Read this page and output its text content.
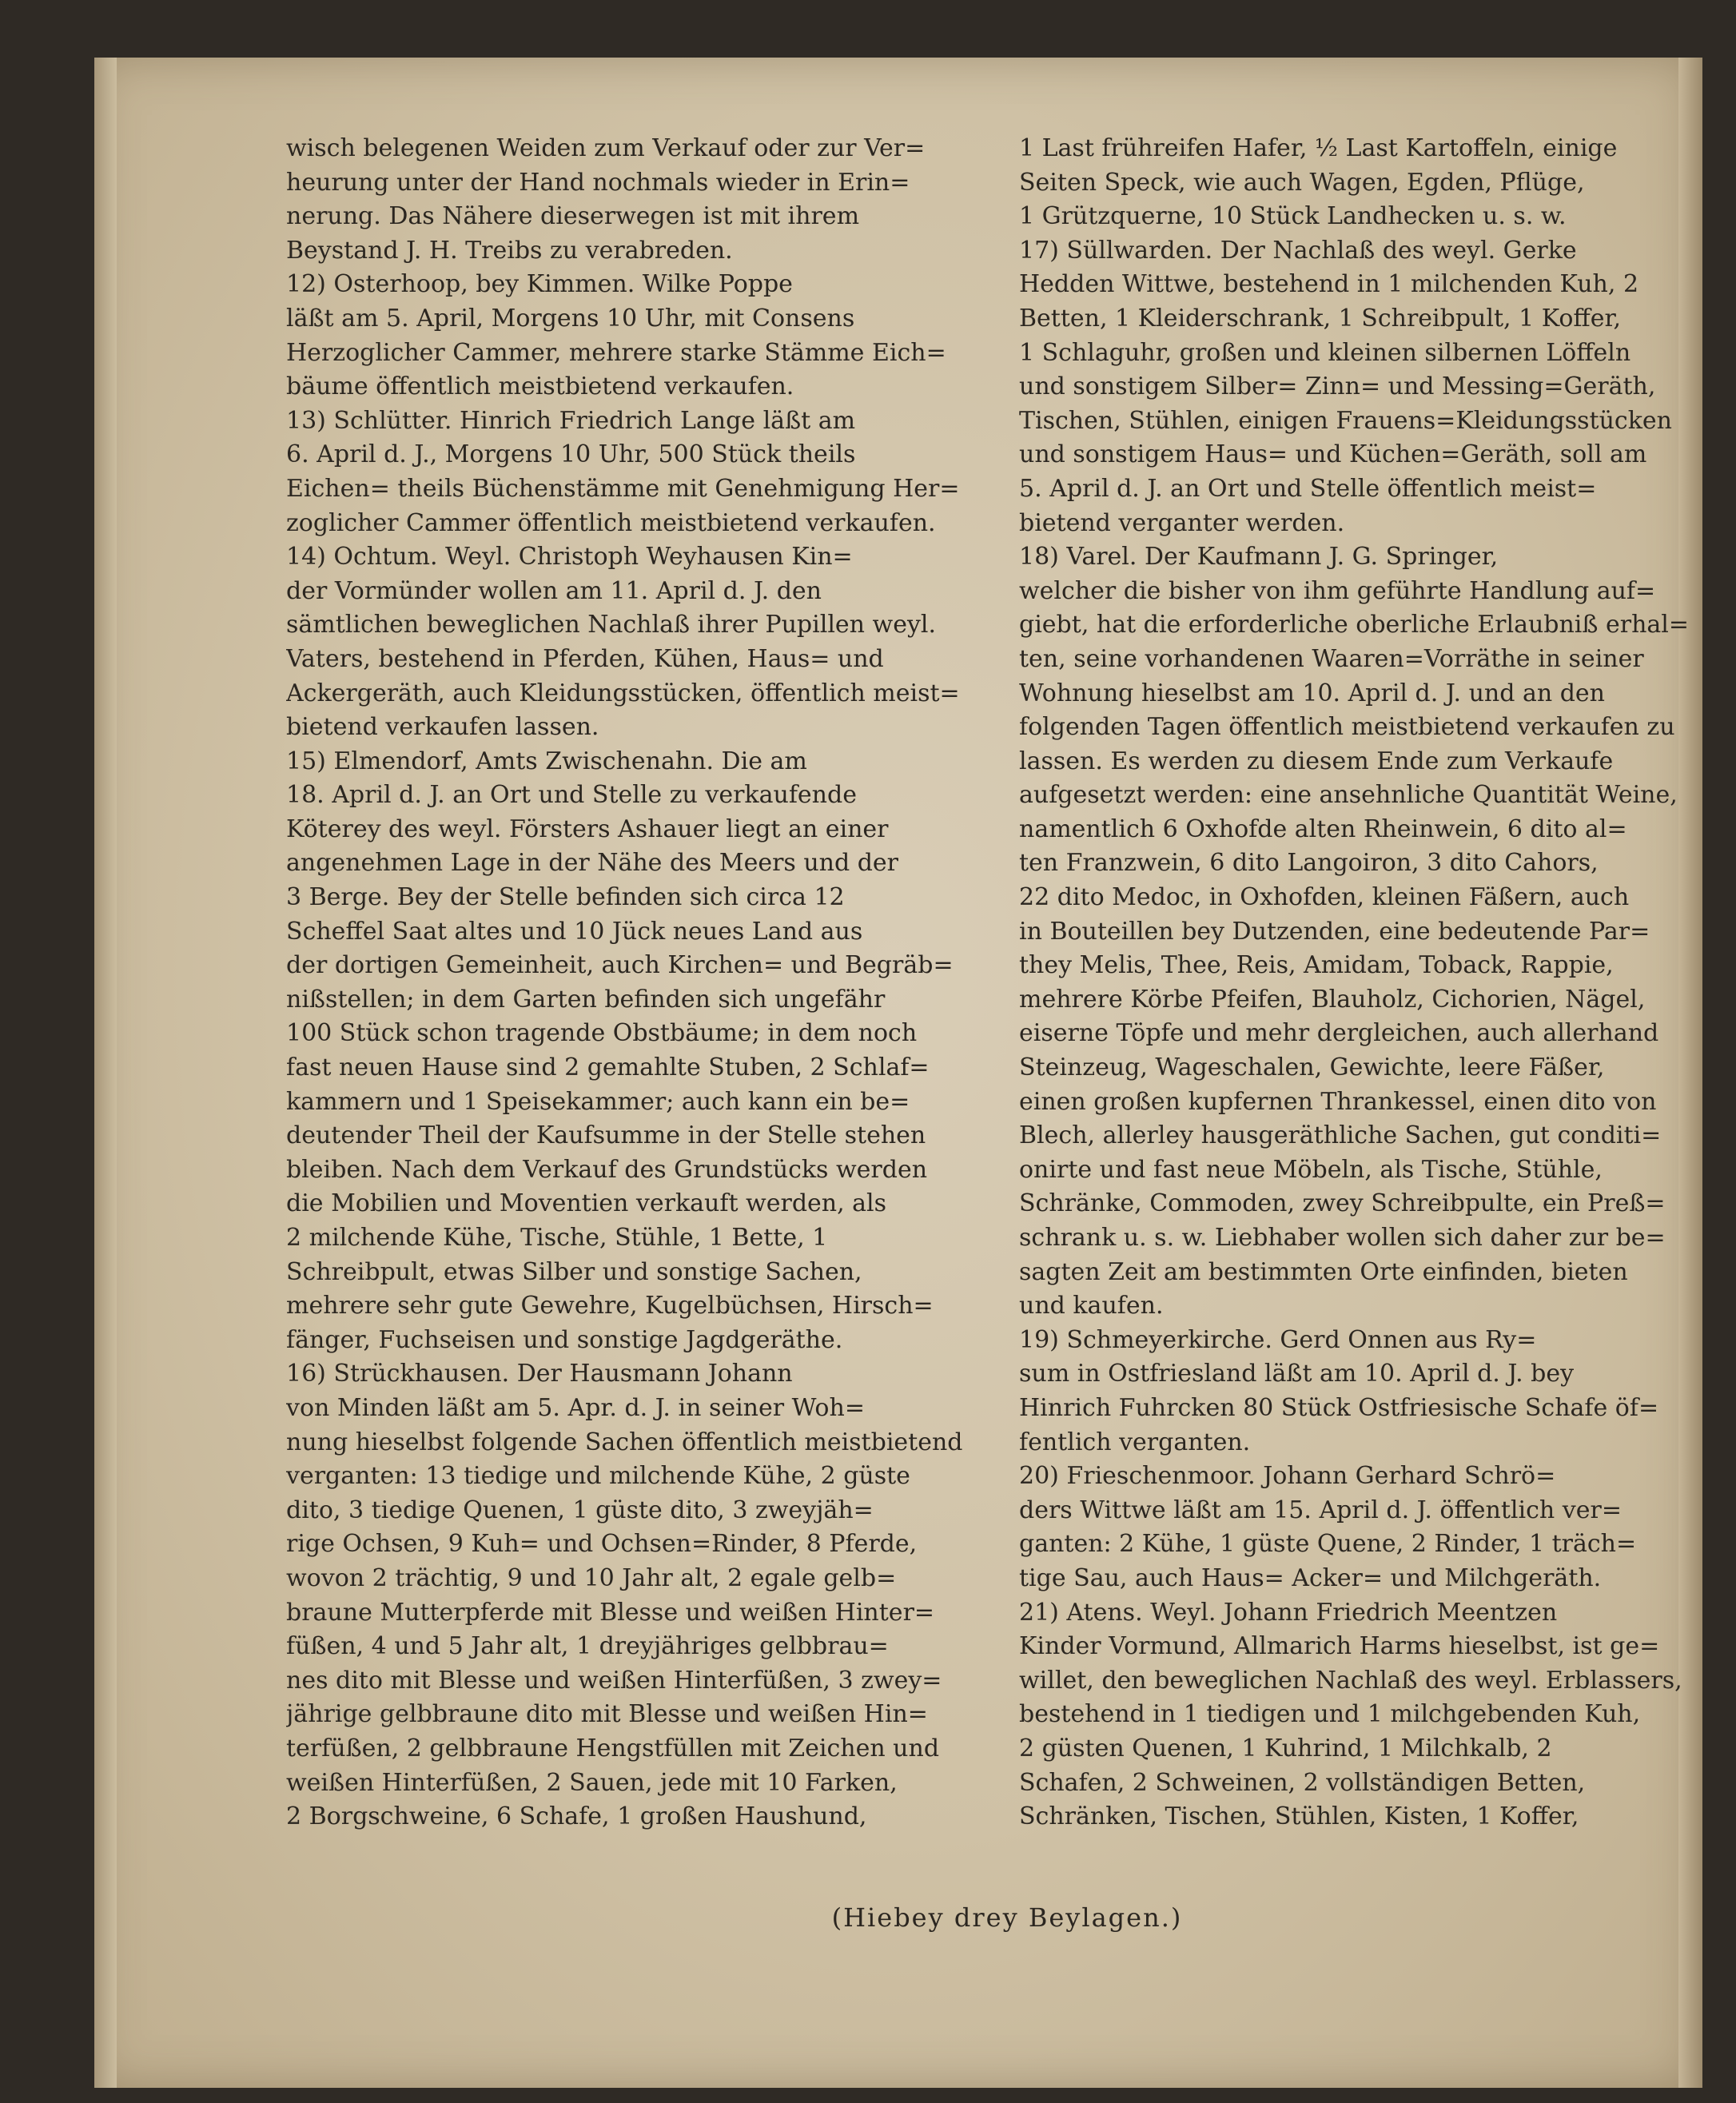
wisch belegenen Weiden zum Verkauf oder zur Ver=
heurung unter der Hand nochmals wieder in Erin=
nerung. Das Nähere dieserwegen ist mit ihrem
Beystand J. H. Treibs zu verabreden.
12) Osterhoop, bey Kimmen. Wilke Poppe
läßt am 5. April, Morgens 10 Uhr, mit Consens
Herzoglicher Cammer, mehrere starke Stämme Eich=
bäume öffentlich meistbietend verkaufen.
13) Schlütter. Hinrich Friedrich Lange läßt am
6. April d. J., Morgens 10 Uhr, 500 Stück theils
Eichen= theils Büchenstämme mit Genehmigung Her=
zoglicher Cammer öffentlich meistbietend verkaufen.
14) Ochtum. Weyl. Christoph Weyhausen Kin=
der Vormünder wollen am 11. April d. J. den
sämtlichen beweglichen Nachlaß ihrer Pupillen weyl.
Vaters, bestehend in Pferden, Kühen, Haus= und
Ackergeräth, auch Kleidungsstücken, öffentlich meist=
bietend verkaufen lassen.
15) Elmendorf, Amts Zwischenahn. Die am
18. April d. J. an Ort und Stelle zu verkaufende
Köterey des weyl. Försters Ashauer liegt an einer
angenehmen Lage in der Nähe des Meers und der
3 Berge. Bey der Stelle befinden sich circa 12
Scheffel Saat altes und 10 Jück neues Land aus
der dortigen Gemeinheit, auch Kirchen= und Begräb=
nißstellen; in dem Garten befinden sich ungefähr
100 Stück schon tragende Obstbäume; in dem noch
fast neuen Hause sind 2 gemahlte Stuben, 2 Schlaf=
kammern und 1 Speisekammer; auch kann ein be=
deutender Theil der Kaufsumme in der Stelle stehen
bleiben. Nach dem Verkauf des Grundstücks werden
die Mobilien und Moventien verkauft werden, als
2 milchende Kühe, Tische, Stühle, 1 Bette, 1
Schreibpult, etwas Silber und sonstige Sachen,
mehrere sehr gute Gewehre, Kugelbüchsen, Hirsch=
fänger, Fuchseisen und sonstige Jagdgeräthe.
16) Strückhausen. Der Hausmann Johann
von Minden läßt am 5. Apr. d. J. in seiner Woh=
nung hieselbst folgende Sachen öffentlich meistbietend
verganten: 13 tiedige und milchende Kühe, 2 güste
dito, 3 tiedige Quenen, 1 güste dito, 3 zweyjäh=
rige Ochsen, 9 Kuh= und Ochsen=Rinder, 8 Pferde,
wovon 2 trächtig, 9 und 10 Jahr alt, 2 egale gelb=
braune Mutterpferde mit Blesse und weißen Hinter=
füßen, 4 und 5 Jahr alt, 1 dreyjähriges gelbbrau=
nes dito mit Blesse und weißen Hinterfüßen, 3 zwey=
jährige gelbbraune dito mit Blesse und weißen Hin=
terfüßen, 2 gelbbraune Hengstfüllen mit Zeichen und
weißen Hinterfüßen, 2 Sauen, jede mit 10 Farken,
2 Borgschweine, 6 Schafe, 1 großen Haushund,
1 Last frühreifen Hafer, ½ Last Kartoffeln, einige
Seiten Speck, wie auch Wagen, Egden, Pflüge,
1 Grützquerne, 10 Stück Landhecken u. s. w.
17) Süllwarden. Der Nachlaß des weyl. Gerke
Hedden Wittwe, bestehend in 1 milchenden Kuh, 2
Betten, 1 Kleiderschrank, 1 Schreibpult, 1 Koffer,
1 Schlaguhr, großen und kleinen silbernen Löffeln
und sonstigem Silber= Zinn= und Messing=Geräth,
Tischen, Stühlen, einigen Frauens=Kleidungsstücken
und sonstigem Haus= und Küchen=Geräth, soll am
5. April d. J. an Ort und Stelle öffentlich meist=
bietend verganter werden.
18) Varel. Der Kaufmann J. G. Springer,
welcher die bisher von ihm geführte Handlung auf=
giebt, hat die erforderliche oberliche Erlaubniß erhal=
ten, seine vorhandenen Waaren=Vorräthe in seiner
Wohnung hieselbst am 10. April d. J. und an den
folgenden Tagen öffentlich meistbietend verkaufen zu
lassen. Es werden zu diesem Ende zum Verkaufe
aufgesetzt werden: eine ansehnliche Quantität Weine,
namentlich 6 Oxhofde alten Rheinwein, 6 dito al=
ten Franzwein, 6 dito Langoiron, 3 dito Cahors,
22 dito Medoc, in Oxhofden, kleinen Fäßern, auch
in Bouteillen bey Dutzenden, eine bedeutende Par=
they Melis, Thee, Reis, Amidam, Toback, Rappie,
mehrere Körbe Pfeifen, Blauholz, Cichorien, Nägel,
eiserne Töpfe und mehr dergleichen, auch allerhand
Steinzeug, Wageschalen, Gewichte, leere Fäßer,
einen großen kupfernen Thrankessel, einen dito von
Blech, allerley hausgeräthliche Sachen, gut conditi=
onirte und fast neue Möbeln, als Tische, Stühle,
Schränke, Commoden, zwey Schreibpulte, ein Preß=
schrank u. s. w. Liebhaber wollen sich daher zur be=
sagten Zeit am bestimmten Orte einfinden, bieten
und kaufen.
19) Schmeyerkirche. Gerd Onnen aus Ry=
sum in Ostfriesland läßt am 10. April d. J. bey
Hinrich Fuhrcken 80 Stück Ostfriesische Schafe öf=
fentlich verganten.
20) Frieschenmoor. Johann Gerhard Schrö=
ders Wittwe läßt am 15. April d. J. öffentlich ver=
ganten: 2 Kühe, 1 güste Quene, 2 Rinder, 1 träch=
tige Sau, auch Haus= Acker= und Milchgeräth.
21) Atens. Weyl. Johann Friedrich Meentzen
Kinder Vormund, Allmarich Harms hieselbst, ist ge=
willet, den beweglichen Nachlaß des weyl. Erblassers,
bestehend in 1 tiedigen und 1 milchgebenden Kuh,
2 güsten Quenen, 1 Kuhrind, 1 Milchkalb, 2
Schafen, 2 Schweinen, 2 vollständigen Betten,
Schränken, Tischen, Stühlen, Kisten, 1 Koffer,
(Hiebey drey Beylagen.)
